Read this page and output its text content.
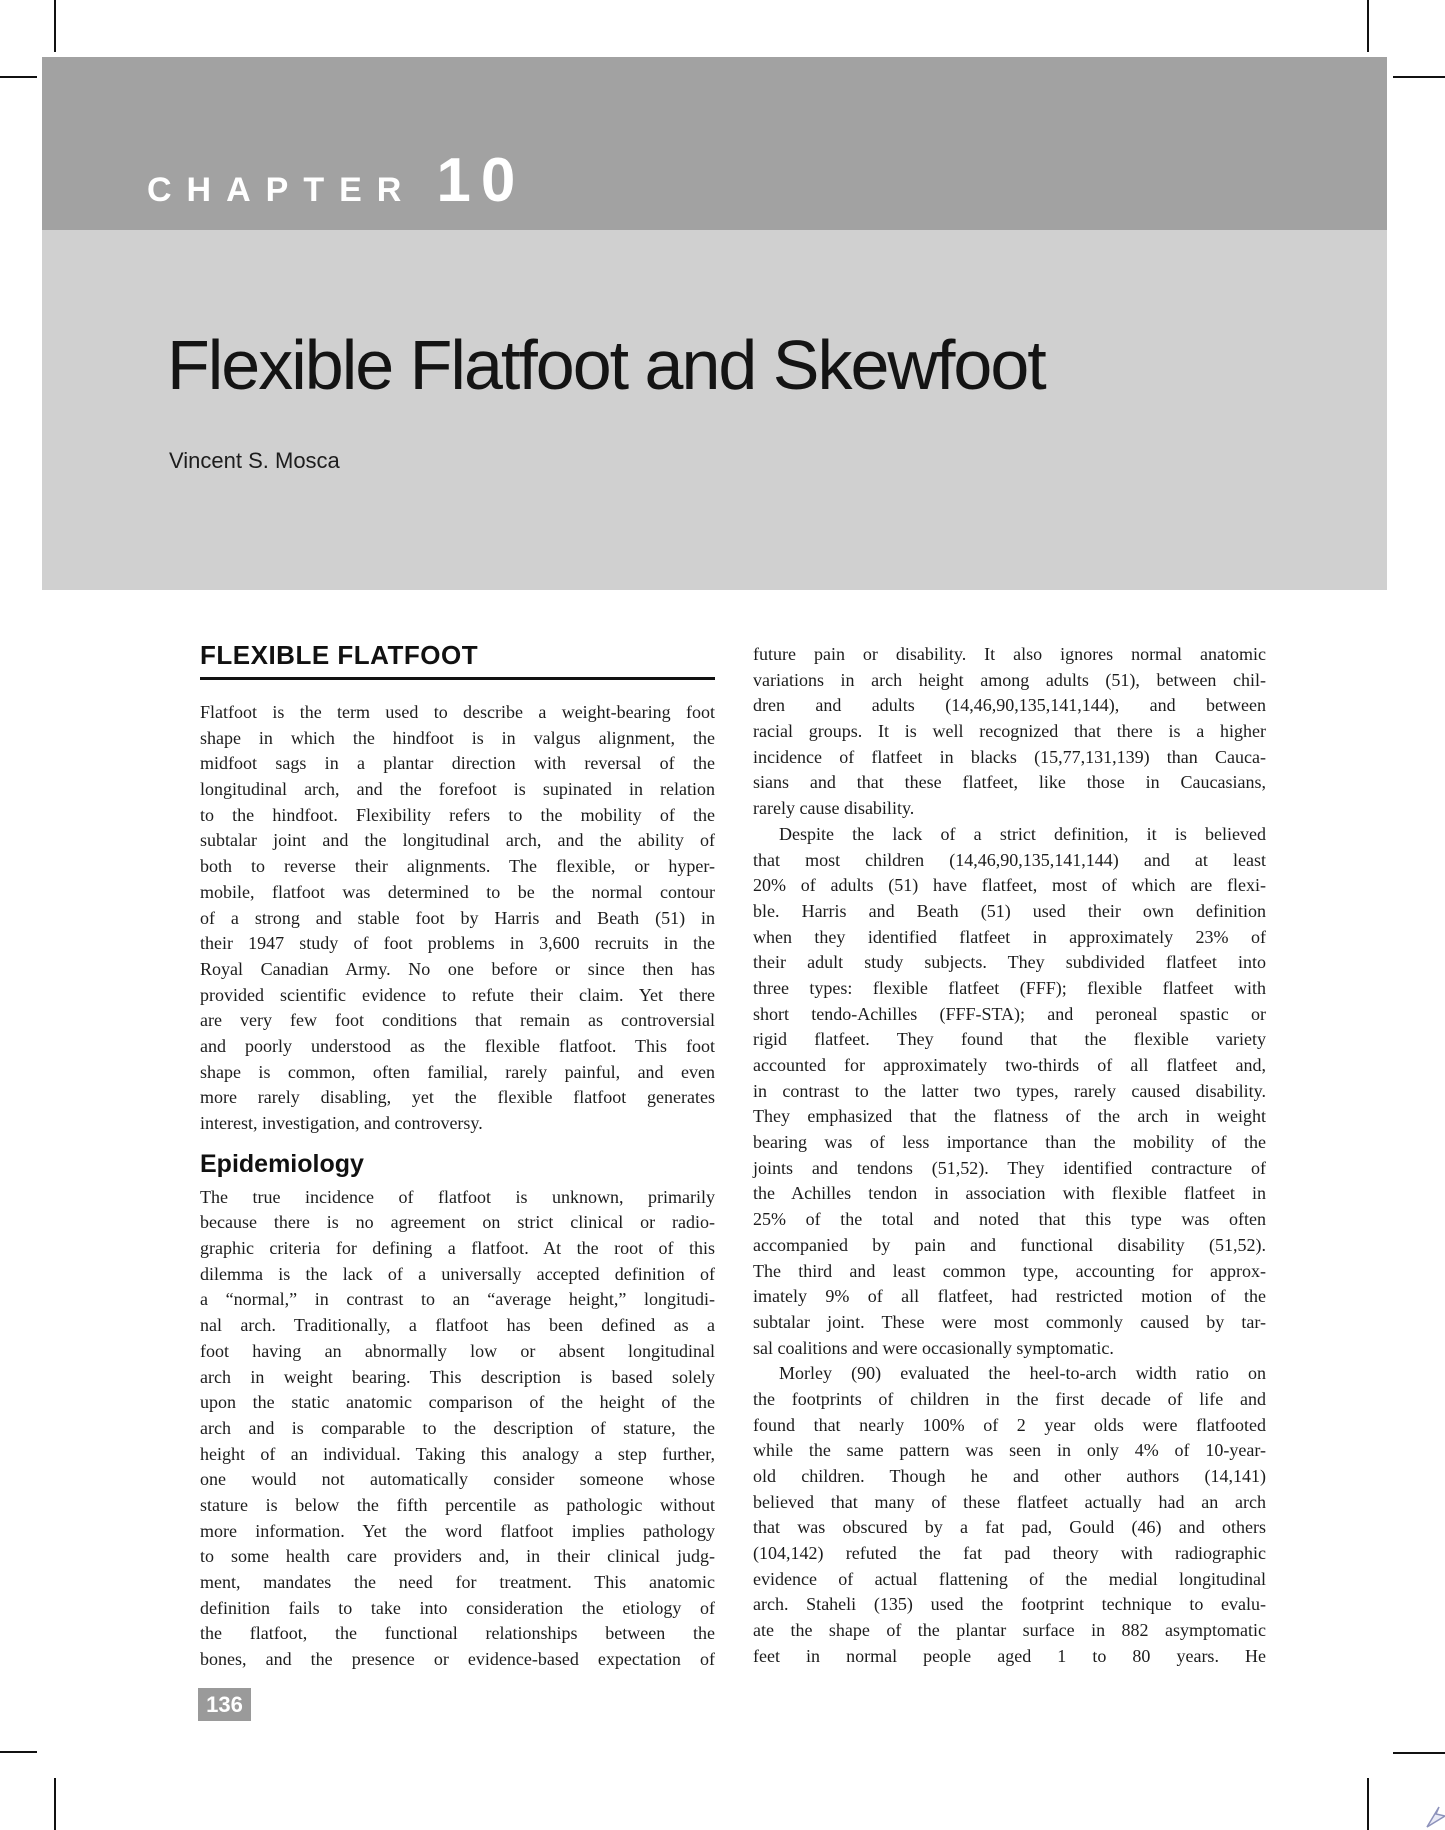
CHAPTER 10
Flexible Flatfoot and Skewfoot
Vincent S. Mosca
FLEXIBLE FLATFOOT
Flatfoot is the term used to describe a weight-bearing foot
shape in which the hindfoot is in valgus alignment, the
midfoot sags in a plantar direction with reversal of the
longitudinal arch, and the forefoot is supinated in relation
to the hindfoot. Flexibility refers to the mobility of the
subtalar joint and the longitudinal arch, and the ability of
both to reverse their alignments. The flexible, or hyper-
mobile, flatfoot was determined to be the normal contour
of a strong and stable foot by Harris and Beath (51) in
their 1947 study of foot problems in 3,600 recruits in the
Royal Canadian Army. No one before or since then has
provided scientific evidence to refute their claim. Yet there
are very few foot conditions that remain as controversial
and poorly understood as the flexible flatfoot. This foot
shape is common, often familial, rarely painful, and even
more rarely disabling, yet the flexible flatfoot generates
interest, investigation, and controversy.
Epidemiology
The true incidence of flatfoot is unknown, primarily
because there is no agreement on strict clinical or radio-
graphic criteria for defining a flatfoot. At the root of this
dilemma is the lack of a universally accepted definition of
a “normal,” in contrast to an “average height,” longitudi-
nal arch. Traditionally, a flatfoot has been defined as a
foot having an abnormally low or absent longitudinal
arch in weight bearing. This description is based solely
upon the static anatomic comparison of the height of the
arch and is comparable to the description of stature, the
height of an individual. Taking this analogy a step further,
one would not automatically consider someone whose
stature is below the fifth percentile as pathologic without
more information. Yet the word flatfoot implies pathology
to some health care providers and, in their clinical judg-
ment, mandates the need for treatment. This anatomic
definition fails to take into consideration the etiology of
the flatfoot, the functional relationships between the
bones, and the presence or evidence-based expectation of
future pain or disability. It also ignores normal anatomic
variations in arch height among adults (51), between chil-
dren and adults (14,46,90,135,141,144), and between
racial groups. It is well recognized that there is a higher
incidence of flatfeet in blacks (15,77,131,139) than Cauca-
sians and that these flatfeet, like those in Caucasians,
rarely cause disability.
Despite the lack of a strict definition, it is believed
that most children (14,46,90,135,141,144) and at least
20% of adults (51) have flatfeet, most of which are flexi-
ble. Harris and Beath (51) used their own definition
when they identified flatfeet in approximately 23% of
their adult study subjects. They subdivided flatfeet into
three types: flexible flatfeet (FFF); flexible flatfeet with
short tendo-Achilles (FFF-STA); and peroneal spastic or
rigid flatfeet. They found that the flexible variety
accounted for approximately two-thirds of all flatfeet and,
in contrast to the latter two types, rarely caused disability.
They emphasized that the flatness of the arch in weight
bearing was of less importance than the mobility of the
joints and tendons (51,52). They identified contracture of
the Achilles tendon in association with flexible flatfeet in
25% of the total and noted that this type was often
accompanied by pain and functional disability (51,52).
The third and least common type, accounting for approx-
imately 9% of all flatfeet, had restricted motion of the
subtalar joint. These were most commonly caused by tar-
sal coalitions and were occasionally symptomatic.
Morley (90) evaluated the heel-to-arch width ratio on
the footprints of children in the first decade of life and
found that nearly 100% of 2 year olds were flatfooted
while the same pattern was seen in only 4% of 10-year-
old children. Though he and other authors (14,141)
believed that many of these flatfeet actually had an arch
that was obscured by a fat pad, Gould (46) and others
(104,142) refuted the fat pad theory with radiographic
evidence of actual flattening of the medial longitudinal
arch. Staheli (135) used the footprint technique to evalu-
ate the shape of the plantar surface in 882 asymptomatic
feet in normal people aged 1 to 80 years. He
136
